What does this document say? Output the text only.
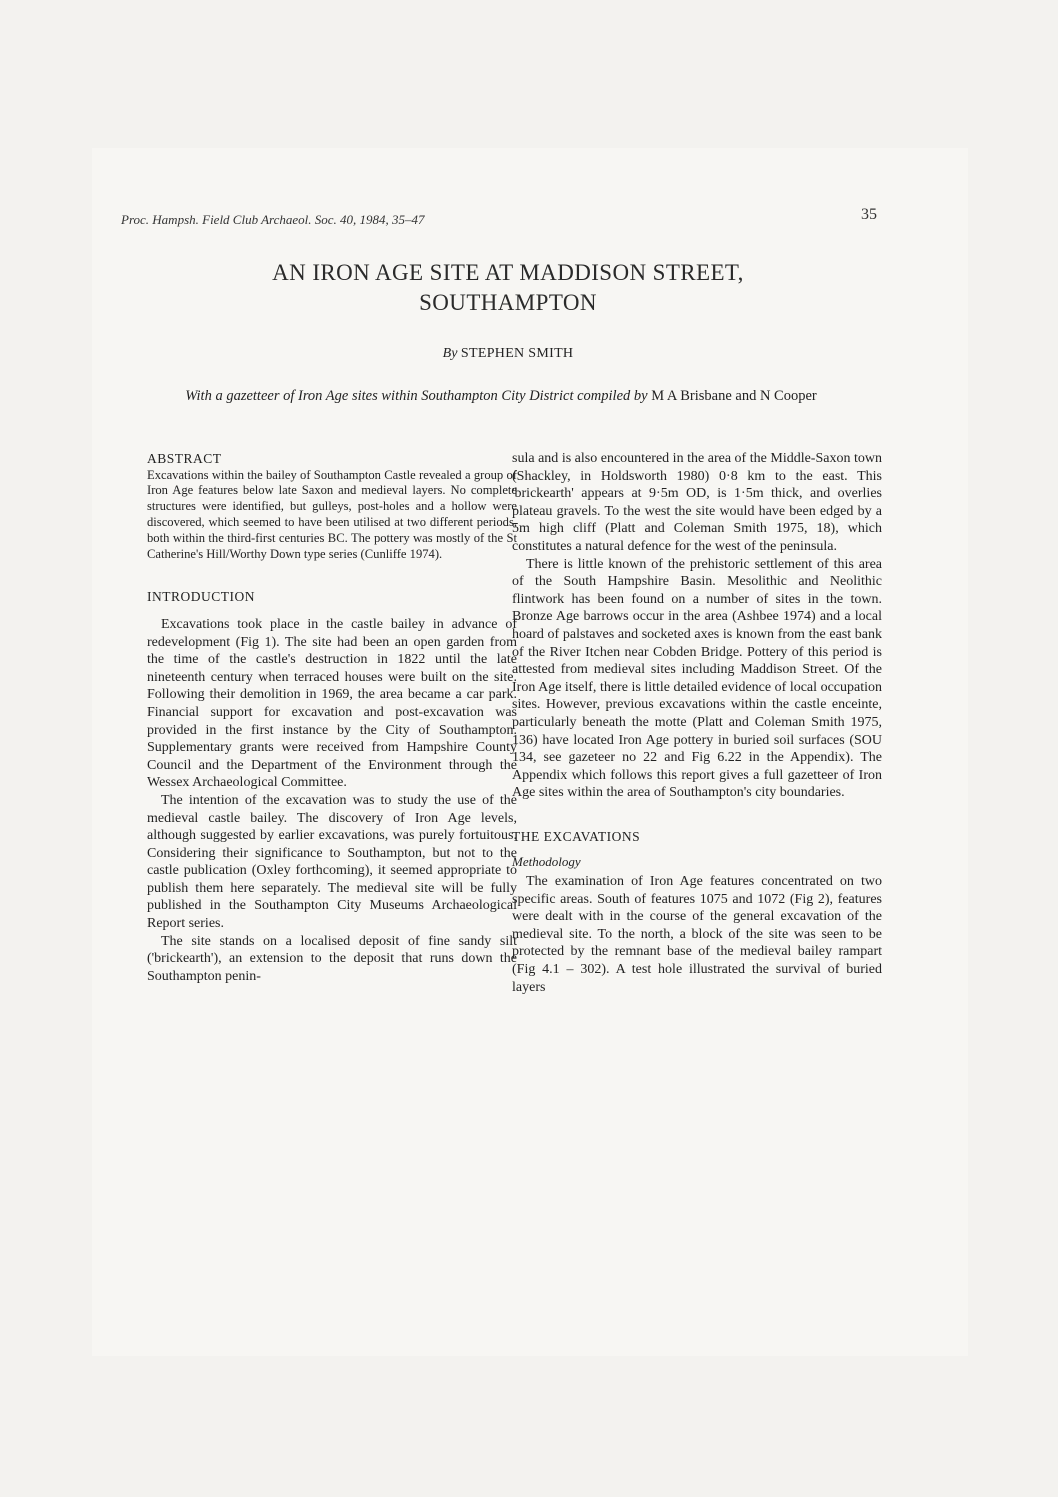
Proc. Hampsh. Field Club Archaeol. Soc. 40, 1984, 35–47	35
AN IRON AGE SITE AT MADDISON STREET,
SOUTHAMPTON
By STEPHEN SMITH
With a gazetteer of Iron Age sites within Southampton City District compiled by M A Brisbane and N Cooper
ABSTRACT

Excavations within the bailey of Southampton Castle revealed a group of Iron Age features below late Saxon and medieval layers. No complete structures were identified, but gulleys, post-holes and a hollow were discovered, which seemed to have been utilised at two different periods, both within the third-first centuries BC. The pottery was mostly of the St Catherine's Hill/Worthy Down type series (Cunliffe 1974).

INTRODUCTION

Excavations took place in the castle bailey in advance of redevelopment (Fig 1). The site had been an open garden from the time of the castle's destruction in 1822 until the late nineteenth century when terraced houses were built on the site. Following their demolition in 1969, the area became a car park. Financial support for excavation and post-excavation was provided in the first instance by the City of Southampton. Supplementary grants were received from Hampshire County Council and the Department of the Environment through the Wessex Archaeological Committee.

The intention of the excavation was to study the use of the medieval castle bailey. The discovery of Iron Age levels, although suggested by earlier excavations, was purely fortuitous. Considering their significance to Southampton, but not to the castle publication (Oxley forthcoming), it seemed appropriate to publish them here separately. The medieval site will be fully published in the Southampton City Museums Archaeological Report series.

The site stands on a localised deposit of fine sandy silt ('brickearth'), an extension to the deposit that runs down the Southampton penin-

sula and is also encountered in the area of the Middle-Saxon town (Shackley, in Holdsworth 1980) 0·8 km to the east. This 'brickearth' appears at 9·5m OD, is 1·5m thick, and overlies plateau gravels. To the west the site would have been edged by a 5m high cliff (Platt and Coleman Smith 1975, 18), which constitutes a natural defence for the west of the peninsula.

There is little known of the prehistoric settlement of this area of the South Hampshire Basin. Mesolithic and Neolithic flintwork has been found on a number of sites in the town. Bronze Age barrows occur in the area (Ashbee 1974) and a local hoard of palstaves and socketed axes is known from the east bank of the River Itchen near Cobden Bridge. Pottery of this period is attested from medieval sites including Maddison Street. Of the Iron Age itself, there is little detailed evidence of local occupation sites. However, previous excavations within the castle enceinte, particularly beneath the motte (Platt and Coleman Smith 1975, 136) have located Iron Age pottery in buried soil surfaces (SOU 134, see gazeteer no 22 and Fig 6.22 in the Appendix). The Appendix which follows this report gives a full gazetteer of Iron Age sites within the area of Southampton's city boundaries.

THE EXCAVATIONS
Methodology

The examination of Iron Age features concentrated on two specific areas. South of features 1075 and 1072 (Fig 2), features were dealt with in the course of the general excavation of the medieval site. To the north, a block of the site was seen to be protected by the remnant base of the medieval bailey rampart (Fig 4.1 – 302). A test hole illustrated the survival of buried layers
